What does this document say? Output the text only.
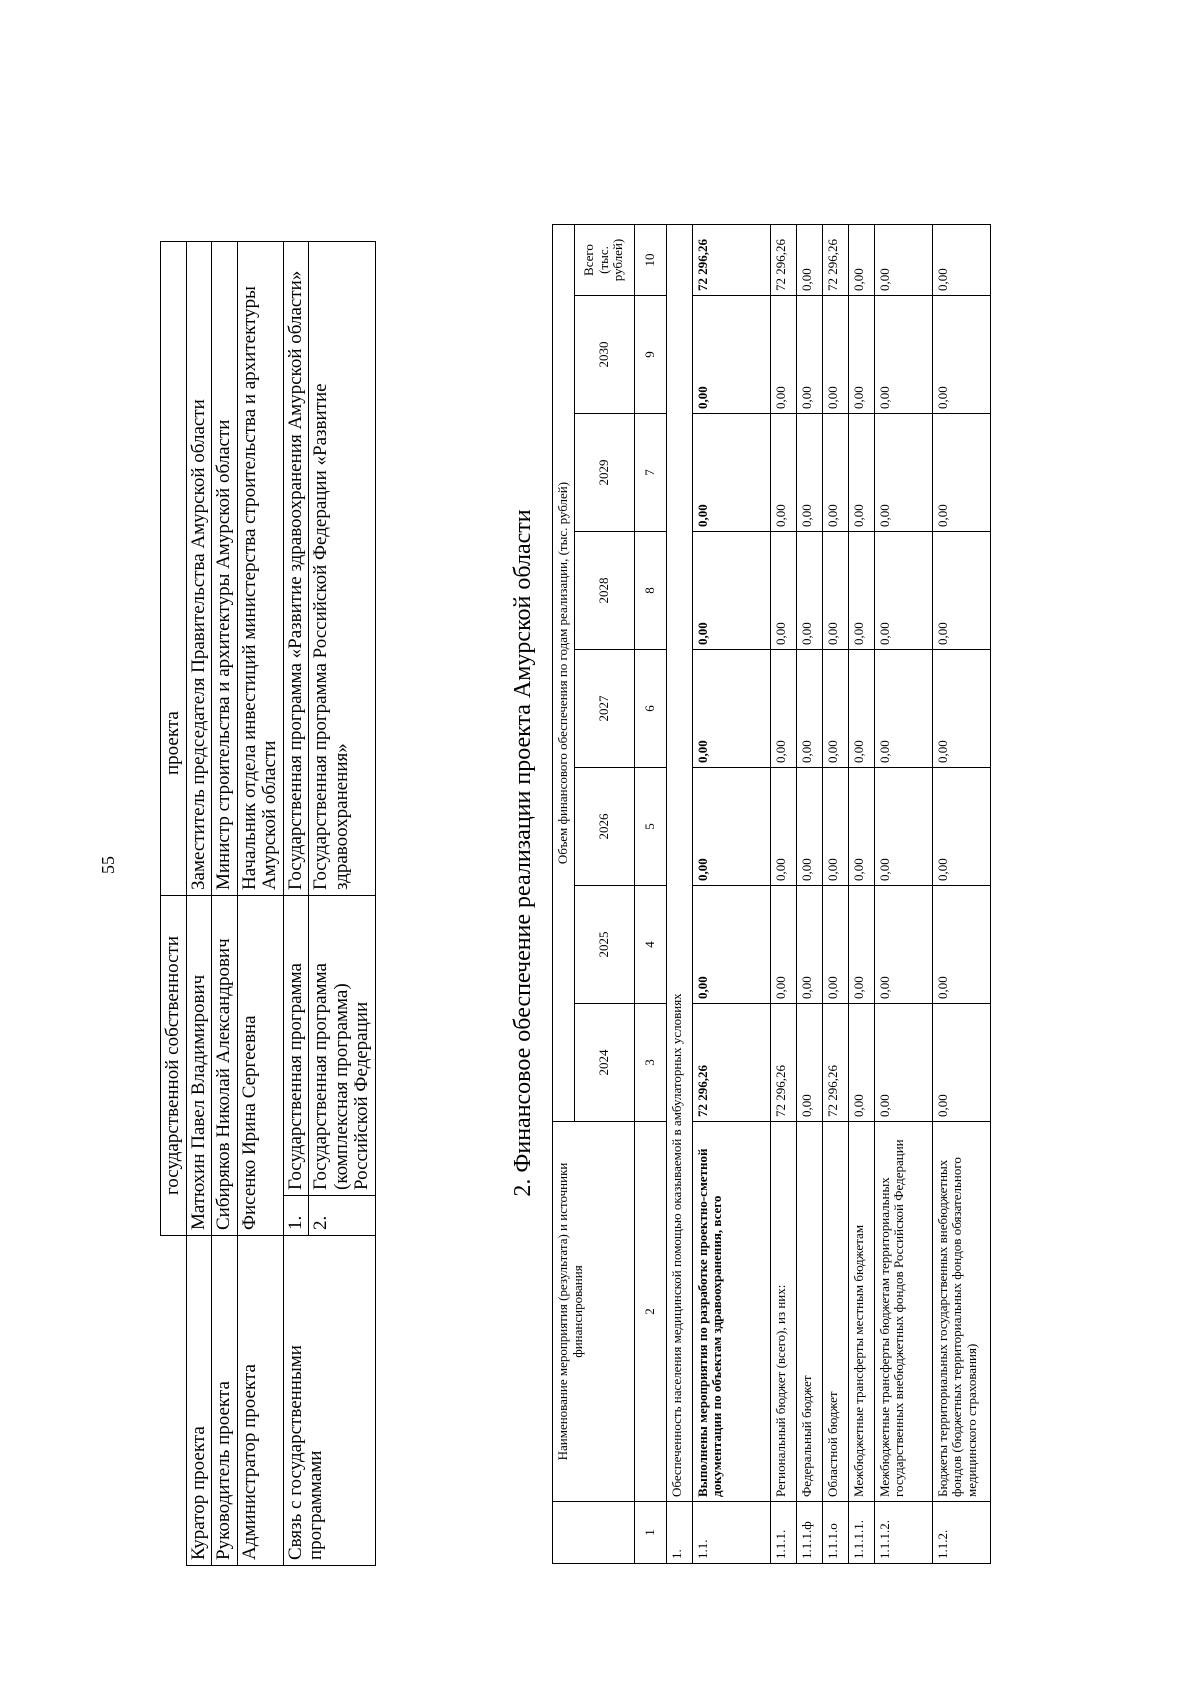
55
	государственной собственности		проекта
Куратор проекта	Матюхин Павел Владимирович		Заместитель председателя Правительства Амурской области
Руководитель проекта	Сибиряков Николай Александрович		Министр строительства и архитектуры Амурской области
Администратор проекта	Фисенко Ирина Сергеевна		Начальник отдела инвестиций министерства строительства и архитектуры Амурской области
Связь с государственными программами	1.	Государственная программа	Государственная программа «Развитие здравоохранения Амурской области»
	2.	Государственная программа (комплексная программа) Российской Федерации	Государственная программа Российской Федерации «Развитие здравоохранения»	2. Финансовое обеспечение реализации проекта Амурской области
	Наименование мероприятия (результата) и источники финансирования	Объем финансового обеспечения по годам реализации, (тыс. рублей)							
		2024	2025	2026	2027	2028	2029	2030	Всего (тыс. рублей)
1	2	3	4	5	6	8	7	9	10
1.	Обеспеченность населения медицинской помощью оказываемой в амбулаторных условиях								
1.1.	Выполнены мероприятия по разработке проектно-сметной документации по объектам здравоохранения, всего	72 296,26	0,00	0,00	0,00	0,00	0,00	0,00	72 296,26
1.1.1.	Региональный бюджет (всего), из них:	72 296,26	0,00	0,00	0,00	0,00	0,00	0,00	72 296,26
1.1.1.ф	Федеральный бюджет	0,00	0,00	0,00	0,00	0,00	0,00	0,00	0,00
1.1.1.о	Областной бюджет	72 296,26	0,00	0,00	0,00	0,00	0,00	0,00	72 296,26
1.1.1.1.	Межбюджетные трансферты местным бюджетам	0,00	0,00	0,00	0,00	0,00	0,00	0,00	0,00
1.1.1.2.	Межбюджетные трансферты бюджетам территориальных государственных внебюджетных фондов Российской Федерации	0,00	0,00	0,00	0,00	0,00	0,00	0,00	0,00
1.1.2.	Бюджеты территориальных государственных внебюджетных фондов (бюджетных территориальных фондов обязательного медицинского страхования)	0,00	0,00	0,00	0,00	0,00	0,00	0,00	0,00
